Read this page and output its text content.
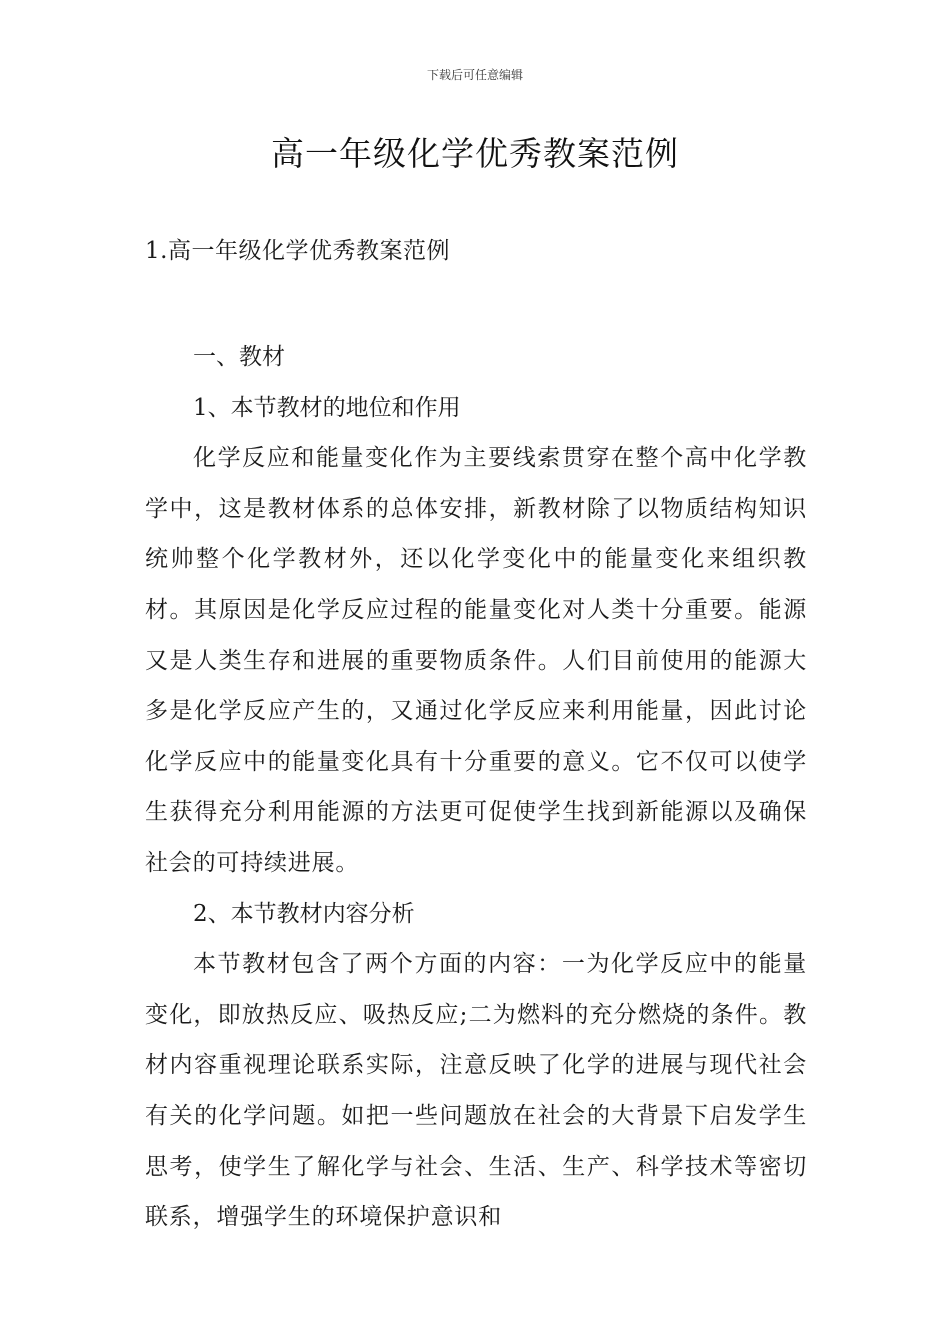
下载后可任意编辑
高一年级化学优秀教案范例
1.高一年级化学优秀教案范例
一、教材
1、本节教材的地位和作用
化学反应和能量变化作为主要线索贯穿在整个高中化学教学中，这是教材体系的总体安排，新教材除了以物质结构知识统帅整个化学教材外，还以化学变化中的能量变化来组织教材。其原因是化学反应过程的能量变化对人类十分重要。能源又是人类生存和进展的重要物质条件。人们目前使用的能源大多是化学反应产生的，又通过化学反应来利用能量，因此讨论化学反应中的能量变化具有十分重要的意义。它不仅可以使学生获得充分利用能源的方法更可促使学生找到新能源以及确保社会的可持续进展。
2、本节教材内容分析
本节教材包含了两个方面的内容：一为化学反应中的能量变化，即放热反应、吸热反应;二为燃料的充分燃烧的条件。教材内容重视理论联系实际，注意反映了化学的进展与现代社会有关的化学问题。如把一些问题放在社会的大背景下启发学生思考，使学生了解化学与社会、生活、生产、科学技术等密切联系，增强学生的环境保护意识和
